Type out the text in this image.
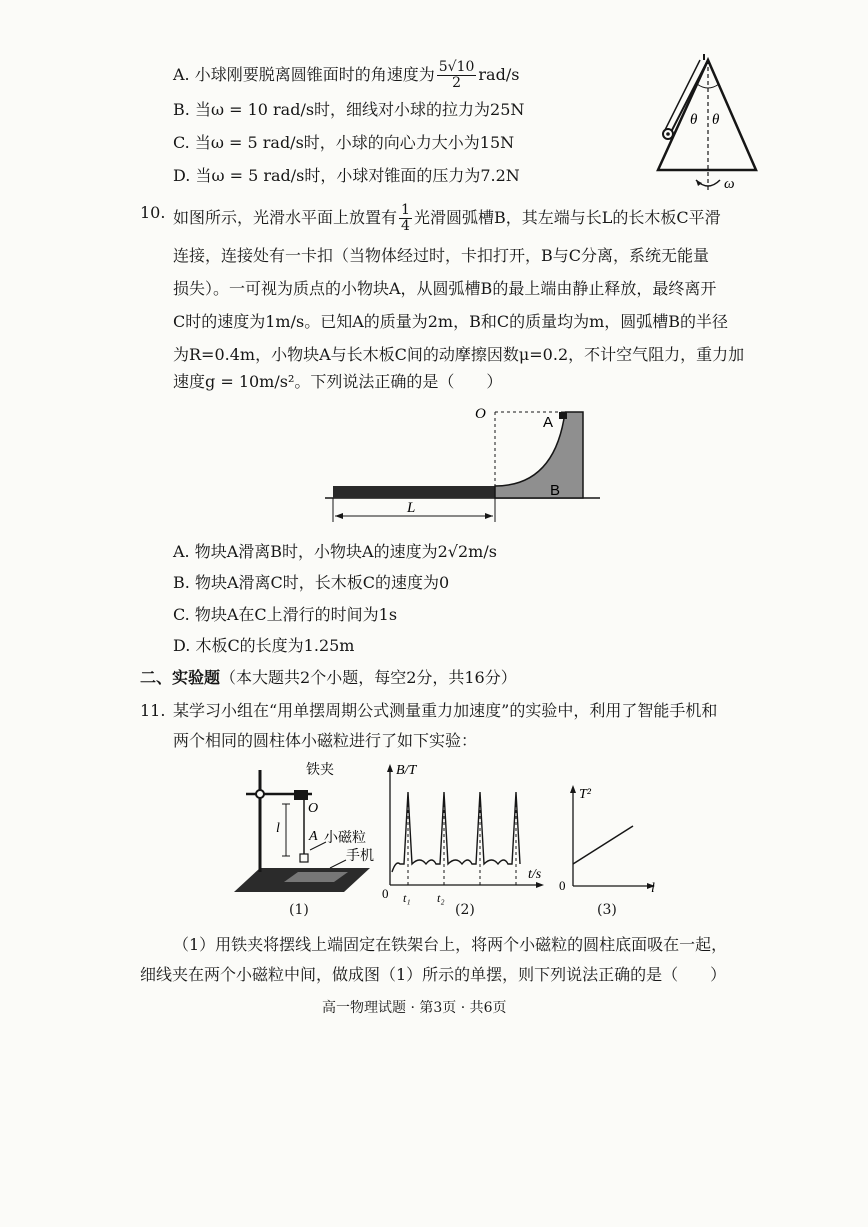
A. 小球刚要脱离圆锥面时的角速度为 $\frac{5√10}{2} rad/s$
B. 当ω = 10 rad/s时，细线对小球的拉力为25N
C. 当ω = 5 rad/s时，小球的向心力大小为15N
D. 当ω = 5 rad/s时，小球对锥面的压力为7.2N
θ θ
ω
10. 如图所示，光滑水平面上放置有 $\frac{1}{4}$ 光滑圆弧槽B，其左端与长L的长木板C平滑
连接，连接处有一卡扣（当物体经过时，卡扣打开，B与C分离，系统无能量
损失）。一可视为质点的小物块A，从圆弧槽B的最上端由静止释放，最终离开
C时的速度为1m/s。已知A的质量为2m，B和C的质量均为m，圆弧槽B的半径
为R=0.4m，小物块A与长木板C间的动摩擦因数μ=0.2，不计空气阻力，重力加
速度g = 10m/s²。下列说法正确的是（　　）
O	A
B
L
A. 物块A滑离B时，小物块A的速度为2√2m/s
B. 物块A滑离C时，长木板C的速度为0
C. 物块A在C上滑行的时间为1s
D. 木板C的长度为1.25m
二、实验题（本大题共2个小题，每空2分，共16分）
11. 某学习小组在“用单摆周期公式测量重力加速度”的实验中，利用了智能手机和
两个相同的圆柱体小磁粒进行了如下实验：
铁夹
O
l
A 小磁粒
手机
(1)
B/T
t/s
0 t₁ t₂
(2)
T²
l
0
(3)
（1）用铁夹将摆线上端固定在铁架台上，将两个小磁粒的圆柱底面吸在一起，
细线夹在两个小磁粒中间，做成图（1）所示的单摆，则下列说法正确的是（　　）
高一物理试题 · 第3页 · 共6页
